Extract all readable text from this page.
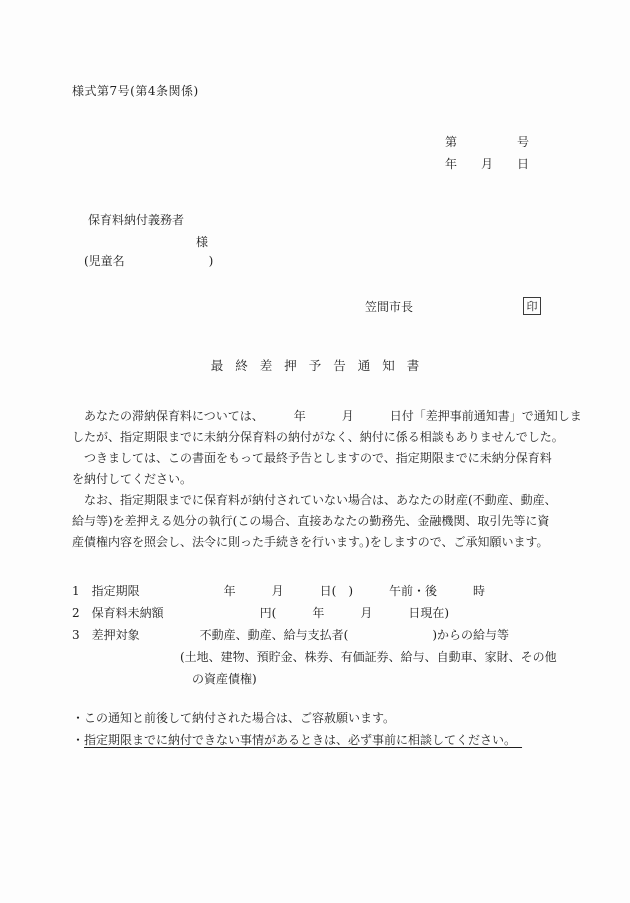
様式第7号(第4条関係)
第　　　　　号
年　　月　　日
保育料納付義務者
様
(児童名　　　　　　　)
笠間市長	印
最終差押予告通知書
　あなたの滞納保育料については、　　　年　　　月　　　日付「差押事前通知書」で通知しま
したが、指定期限までに未納分保育料の納付がなく、納付に係る相談もありませんでした。
　つきましては、この書面をもって最終予告としますので、指定期限までに未納分保育料
を納付してください。
　なお、指定期限までに保育料が納付されていない場合は、あなたの財産(不動産、動産、
給与等)を差押える処分の執行(この場合、直接あなたの勤務先、金融機関、取引先等に資
産債権内容を照会し、法令に則った手続きを行います。)をしますので、ご承知願います。
1　指定期限　　　　　　　年　　　月　　　日(　)　　　午前・後　　　時
2　保育料未納額　　　　　　　　円(　　　年　　　月　　　日現在)
3　差押対象　　　　　不動産、動産、給与支払者(　　　　　　　)からの給与等
　　　　　　　　　(土地、建物、預貯金、株券、有価証券、給与、自動車、家財、その他
　　　　　　　　　　の資産債権)
・この通知と前後して納付された場合は、ご容赦願います。
・指定期限までに納付できない事情があるときは、必ず事前に相談してください。　
